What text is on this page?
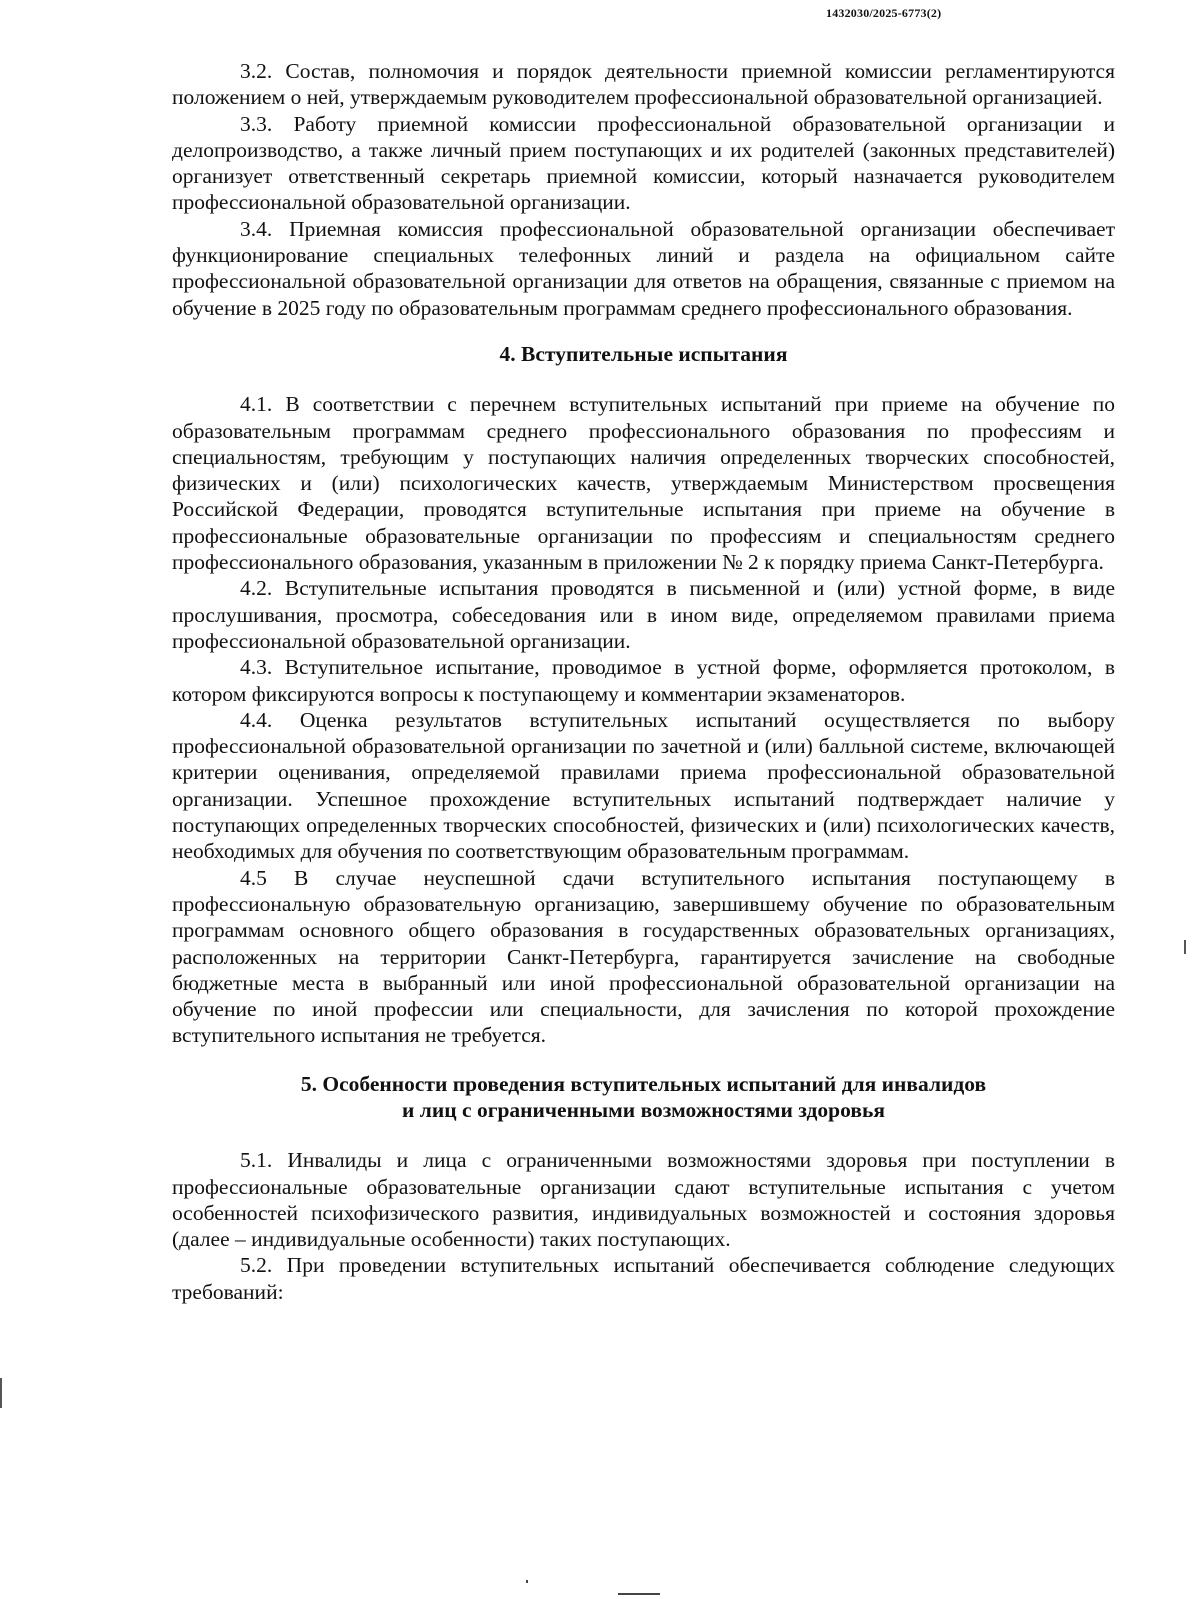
1432030/2025-6773(2)

3.2. Состав, полномочия и порядок деятельности приемной комиссии регламентируются положением о ней, утверждаемым руководителем профессиональной образовательной организацией.

3.3. Работу приемной комиссии профессиональной образовательной организации и делопроизводство, а также личный прием поступающих и их родителей (законных представителей) организует ответственный секретарь приемной комиссии, который назначается руководителем профессиональной образовательной организации.

3.4. Приемная комиссия профессиональной образовательной организации обеспечивает функционирование специальных телефонных линий и раздела на официальном сайте профессиональной образовательной организации для ответов на обращения, связанные с приемом на обучение в 2025 году по образовательным программам среднего профессионального образования.

4. Вступительные испытания

4.1. В соответствии с перечнем вступительных испытаний при приеме на обучение по образовательным программам среднего профессионального образования по профессиям и специальностям, требующим у поступающих наличия определенных творческих способностей, физических и (или) психологических качеств, утверждаемым Министерством просвещения Российской Федерации, проводятся вступительные испытания при приеме на обучение в профессиональные образовательные организации по профессиям и специальностям среднего профессионального образования, указанным в приложении № 2 к порядку приема Санкт-Петербурга.

4.2. Вступительные испытания проводятся в письменной и (или) устной форме, в виде прослушивания, просмотра, собеседования или в ином виде, определяемом правилами приема профессиональной образовательной организации.

4.3. Вступительное испытание, проводимое в устной форме, оформляется протоколом, в котором фиксируются вопросы к поступающему и комментарии экзаменаторов.

4.4. Оценка результатов вступительных испытаний осуществляется по выбору профессиональной образовательной организации по зачетной и (или) балльной системе, включающей критерии оценивания, определяемой правилами приема профессиональной образовательной организации. Успешное прохождение вступительных испытаний подтверждает наличие у поступающих определенных творческих способностей, физических и (или) психологических качеств, необходимых для обучения по соответствующим образовательным программам.

4.5 В случае неуспешной сдачи вступительного испытания поступающему в профессиональную образовательную организацию, завершившему обучение по образовательным программам основного общего образования в государственных образовательных организациях, расположенных на территории Санкт-Петербурга, гарантируется зачисление на свободные бюджетные места в выбранный или иной профессиональной образовательной организации на обучение по иной профессии или специальности, для зачисления по которой прохождение вступительного испытания не требуется.

5. Особенности проведения вступительных испытаний для инвалидов
и лиц с ограниченными возможностями здоровья

5.1. Инвалиды и лица с ограниченными возможностями здоровья при поступлении в профессиональные образовательные организации сдают вступительные испытания с учетом особенностей психофизического развития, индивидуальных возможностей и состояния здоровья (далее – индивидуальные особенности) таких поступающих.

5.2. При проведении вступительных испытаний обеспечивается соблюдение следующих требований:
